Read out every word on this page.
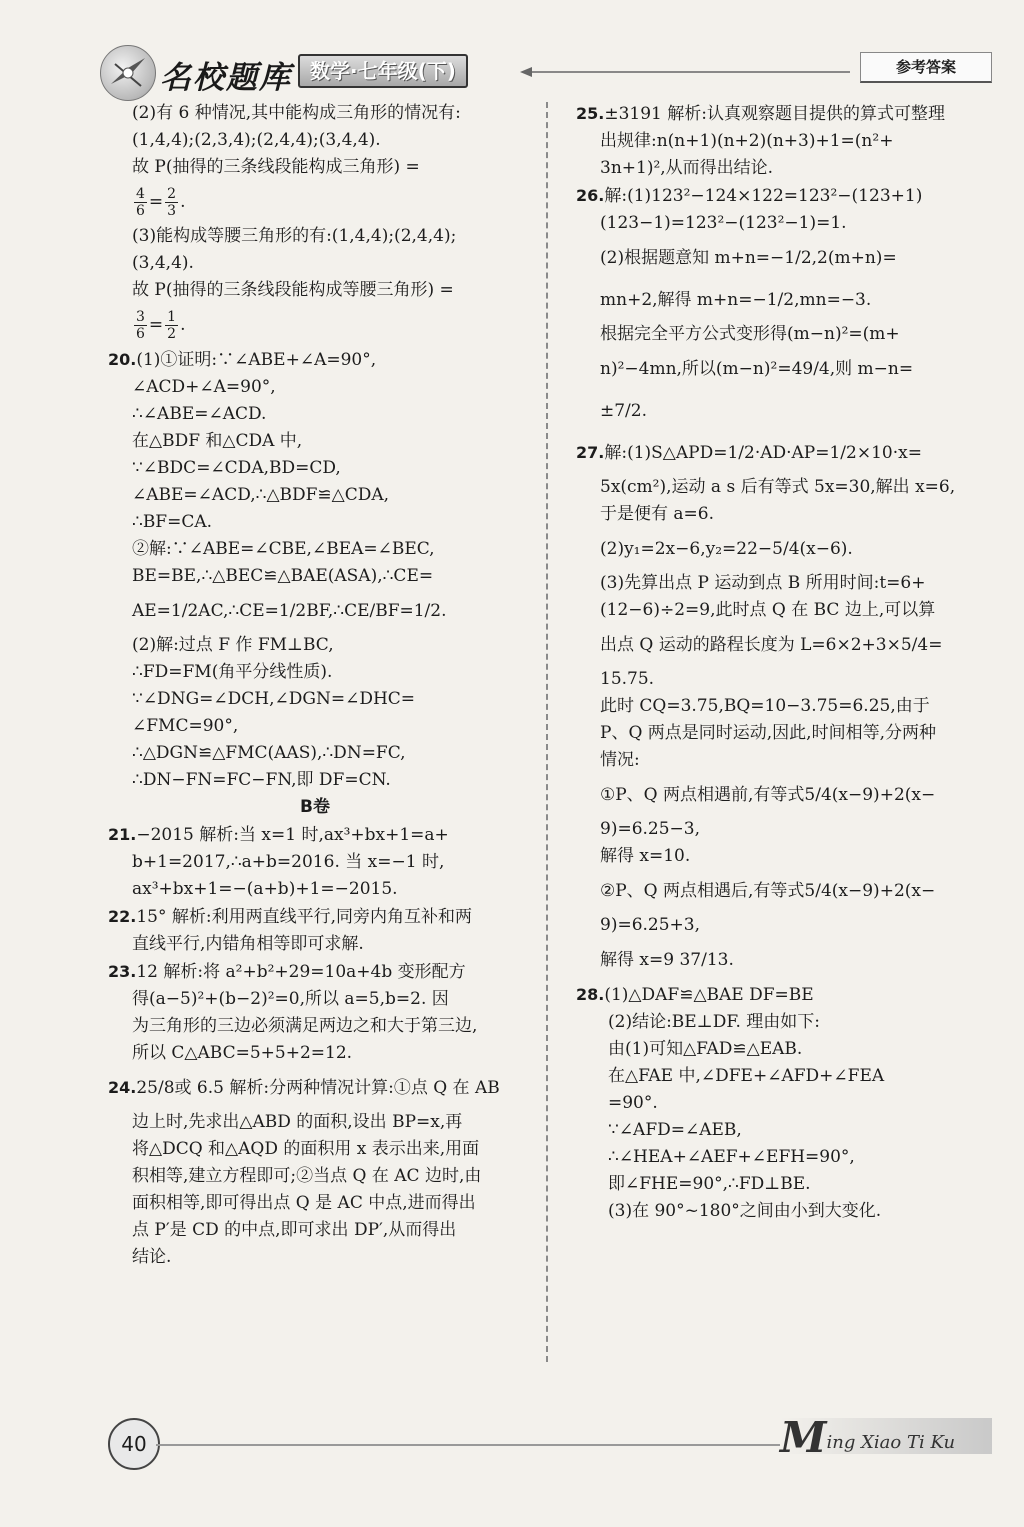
名校题库 数学·七年级(下)	参考答案
(2)有 6 种情况,其中能构成三角形的情况有:
(1,4,4);(2,3,4);(2,4,4);(3,4,4).
故 P(抽得的三条线段能构成三角形) =
$\frac{4}{6} = \frac{2}{3}$ .
(3)能构成等腰三角形的有:(1,4,4);(2,4,4);
(3,4,4).
故 P(抽得的三条线段能构成等腰三角形) =
$\frac{3}{6} = \frac{1}{2}$ .
20.(1)①证明:∵∠ABE+∠A=90°,
∠ACD+∠A=90°,
∴∠ABE=∠ACD.
在△BDF 和△CDA 中,
∵∠BDC=∠CDA,BD=CD,
∠ABE=∠ACD,∴△BDF≌△CDA,
∴BF=CA.
②解:∵∠ABE=∠CBE,∠BEA=∠BEC,
BE=BE,∴△BEC≌△BAE(ASA),∴CE=
AE=1/2AC,∴CE=1/2BF,∴CE/BF=1/2.
(2)解:过点 F 作 FM⊥BC,
∴FD=FM(角平分线性质).
∵∠DNG=∠DCH,∠DGN=∠DHC=
∠FMC=90°,
∴△DGN≌△FMC(AAS),∴DN=FC,
∴DN−FN=FC−FN,即 DF=CN.
B卷
21.−2015 解析:当 x=1 时,ax³+bx+1=a+
b+1=2017,∴a+b=2016. 当 x=−1 时,
ax³+bx+1=−(a+b)+1=−2015.
22.15° 解析:利用两直线平行,同旁内角互补和两
直线平行,内错角相等即可求解.
23.12 解析:将 a²+b²+29=10a+4b 变形配方
得(a−5)²+(b−2)²=0,所以 a=5,b=2. 因
为三角形的三边必须满足两边之和大于第三边,
所以 C△ABC=5+5+2=12.
24.25/8或 6.5 解析:分两种情况计算:①点 Q 在 AB
边上时,先求出△ABD 的面积,设出 BP=x,再
将△DCQ 和△AQD 的面积用 x 表示出来,用面
积相等,建立方程即可;②当点 Q 在 AC 边时,由
面积相等,即可得出点 Q 是 AC 中点,进而得出
点 P′是 CD 的中点,即可求出 DP′,从而得出
结论.
25.±3191 解析:认真观察题目提供的算式可整理
出规律:n(n+1)(n+2)(n+3)+1=(n²+
3n+1)²,从而得出结论.
26.解:(1)123²−124×122=123²−(123+1)
(123−1)=123²−(123²−1)=1.
(2)根据题意知 m+n=−1/2,2(m+n)=
mn+2,解得 m+n=−1/2,mn=−3.
根据完全平方公式变形得(m−n)²=(m+
n)²−4mn,所以(m−n)²=49/4,则 m−n=
±7/2.
27.解:(1)S△APD=1/2·AD·AP=1/2×10·x=
5x(cm²),运动 a s 后有等式 5x=30,解出 x=6,
于是便有 a=6.
(2)y₁=2x−6,y₂=22−5/4(x−6).
(3)先算出点 P 运动到点 B 所用时间:t=6+
(12−6)÷2=9,此时点 Q 在 BC 边上,可以算
出点 Q 运动的路程长度为 L=6×2+3×5/4=
15.75.
此时 CQ=3.75,BQ=10−3.75=6.25,由于
P、Q 两点是同时运动,因此,时间相等,分两种
情况:
①P、Q 两点相遇前,有等式5/4(x−9)+2(x−
9)=6.25−3,
解得 x=10.
②P、Q 两点相遇后,有等式5/4(x−9)+2(x−
9)=6.25+3,
解得 x=9 37/13.
28.(1)△DAF≌△BAE DF=BE
(2)结论:BE⊥DF. 理由如下:
由(1)可知△FAD≌△EAB.
在△FAE 中,∠DFE+∠AFD+∠FEA
=90°.
∵∠AFD=∠AEB,
∴∠HEA+∠AEF+∠EFH=90°,
即∠FHE=90°,∴FD⊥BE.
(3)在 90°~180°之间由小到大变化.
40	Ming Xiao Ti Ku
